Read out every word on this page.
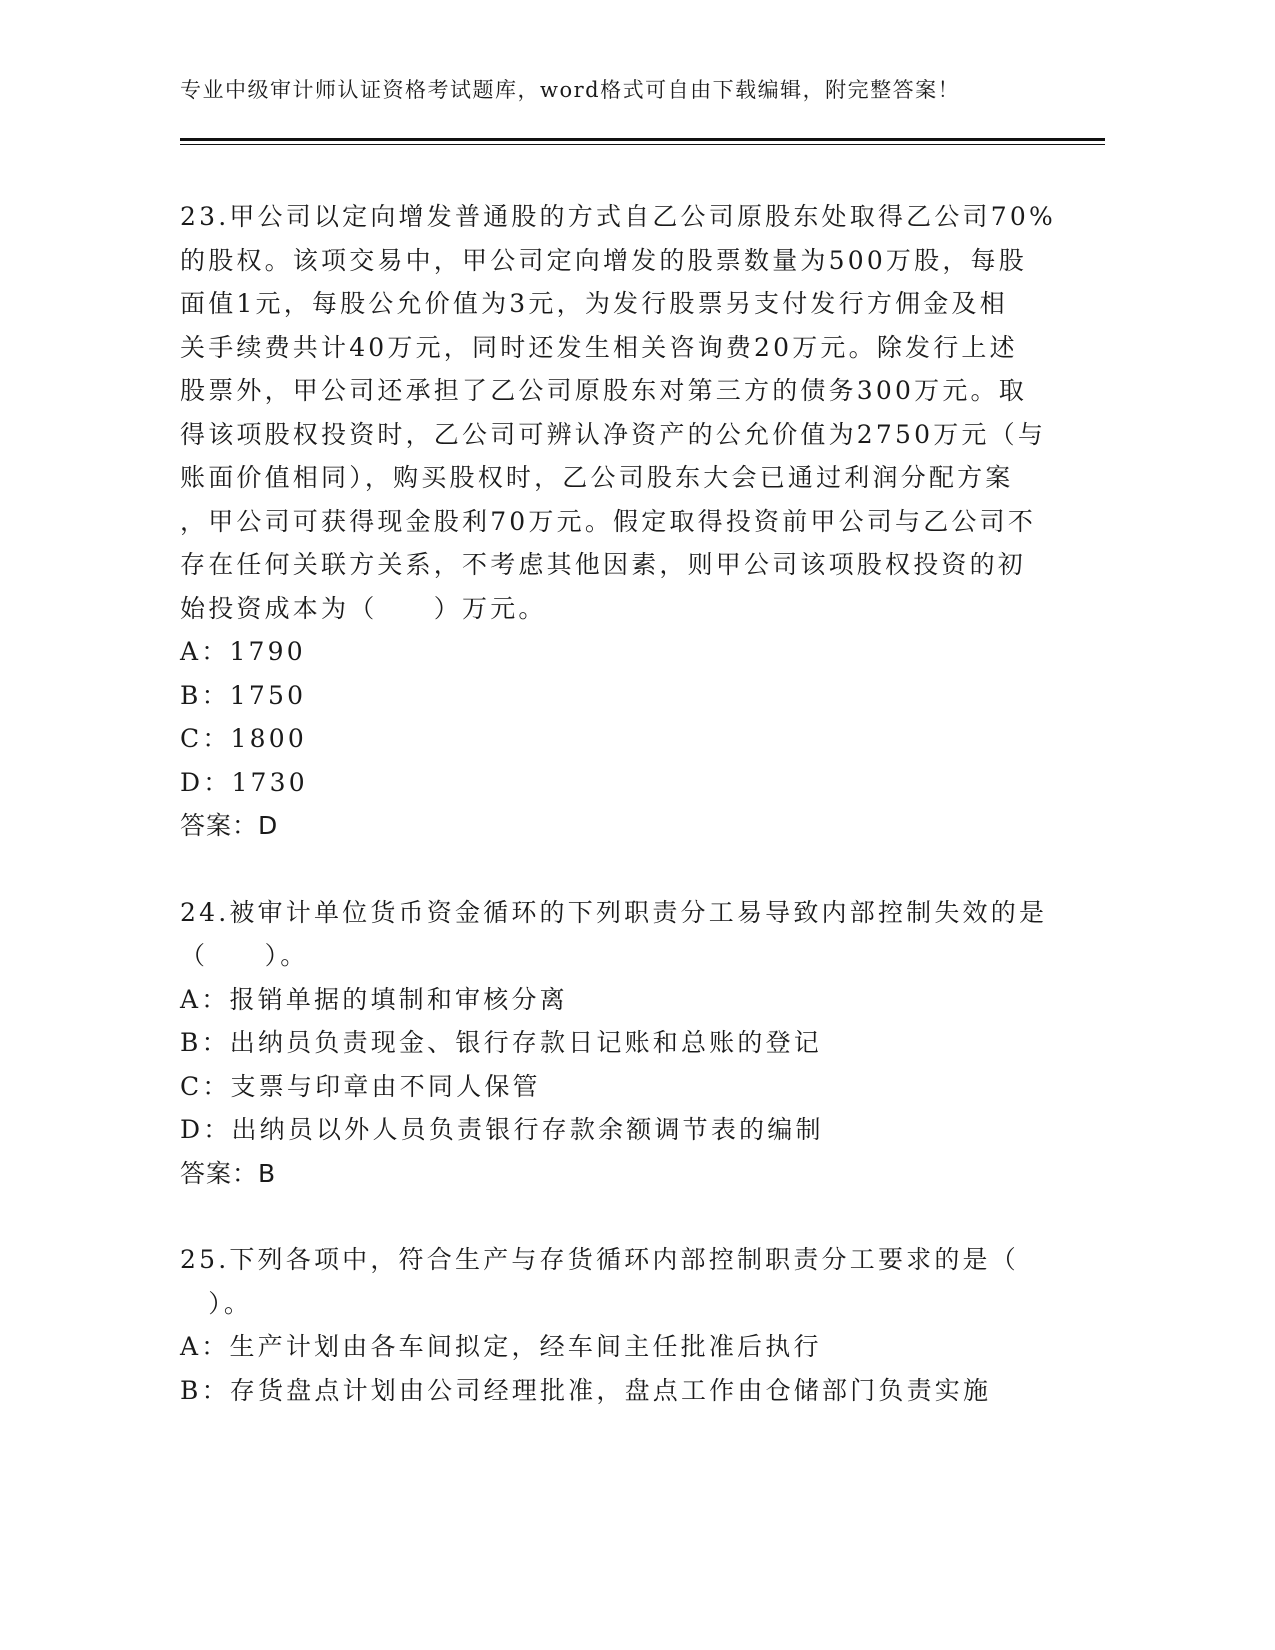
专业中级审计师认证资格考试题库，word格式可自由下载编辑，附完整答案！
23.甲公司以定向增发普通股的方式自乙公司原股东处取得乙公司70%
的股权。该项交易中，甲公司定向增发的股票数量为500万股，每股
面值1元，每股公允价值为3元，为发行股票另支付发行方佣金及相
关手续费共计40万元，同时还发生相关咨询费20万元。除发行上述
股票外，甲公司还承担了乙公司原股东对第三方的债务300万元。取
得该项股权投资时，乙公司可辨认净资产的公允价值为2750万元（与
账面价值相同），购买股权时，乙公司股东大会已通过利润分配方案
，甲公司可获得现金股利70万元。假定取得投资前甲公司与乙公司不
存在任何关联方关系，不考虑其他因素，则甲公司该项股权投资的初
始投资成本为（　　）万元。
A：1790
B：1750
C：1800
D：1730
答案：D
24.被审计单位货币资金循环的下列职责分工易导致内部控制失效的是
（　　）。
A：报销单据的填制和审核分离
B：出纳员负责现金、银行存款日记账和总账的登记
C：支票与印章由不同人保管
D：出纳员以外人员负责银行存款余额调节表的编制
答案：B
25.下列各项中，符合生产与存货循环内部控制职责分工要求的是（
　）。
A：生产计划由各车间拟定，经车间主任批准后执行
B：存货盘点计划由公司经理批准，盘点工作由仓储部门负责实施
